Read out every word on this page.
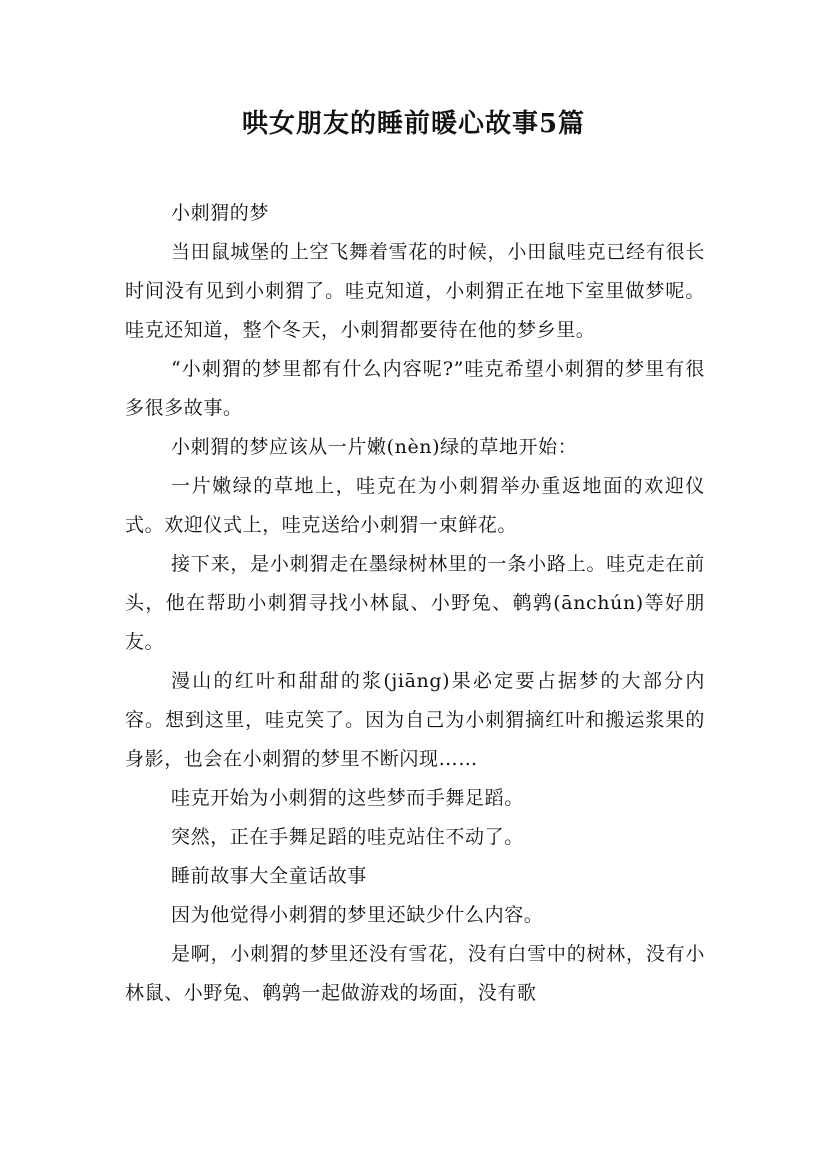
哄女朋友的睡前暖心故事5篇

小刺猬的梦

当田鼠城堡的上空飞舞着雪花的时候，小田鼠哇克已经有很长时间没有见到小刺猬了。哇克知道，小刺猬正在地下室里做梦呢。哇克还知道，整个冬天，小刺猬都要待在他的梦乡里。

“小刺猬的梦里都有什么内容呢?”哇克希望小刺猬的梦里有很多很多故事。

小刺猬的梦应该从一片嫩(nèn)绿的草地开始：

一片嫩绿的草地上，哇克在为小刺猬举办重返地面的欢迎仪式。欢迎仪式上，哇克送给小刺猬一束鲜花。

接下来，是小刺猬走在墨绿树林里的一条小路上。哇克走在前头，他在帮助小刺猬寻找小林鼠、小野兔、鹌鹑(ānchún)等好朋友。

漫山的红叶和甜甜的浆(jiāng)果必定要占据梦的大部分内容。想到这里，哇克笑了。因为自己为小刺猬摘红叶和搬运浆果的身影，也会在小刺猬的梦里不断闪现……

哇克开始为小刺猬的这些梦而手舞足蹈。

突然，正在手舞足蹈的哇克站住不动了。

睡前故事大全童话故事

因为他觉得小刺猬的梦里还缺少什么内容。

是啊，小刺猬的梦里还没有雪花，没有白雪中的树林，没有小林鼠、小野兔、鹌鹑一起做游戏的场面，没有歌
